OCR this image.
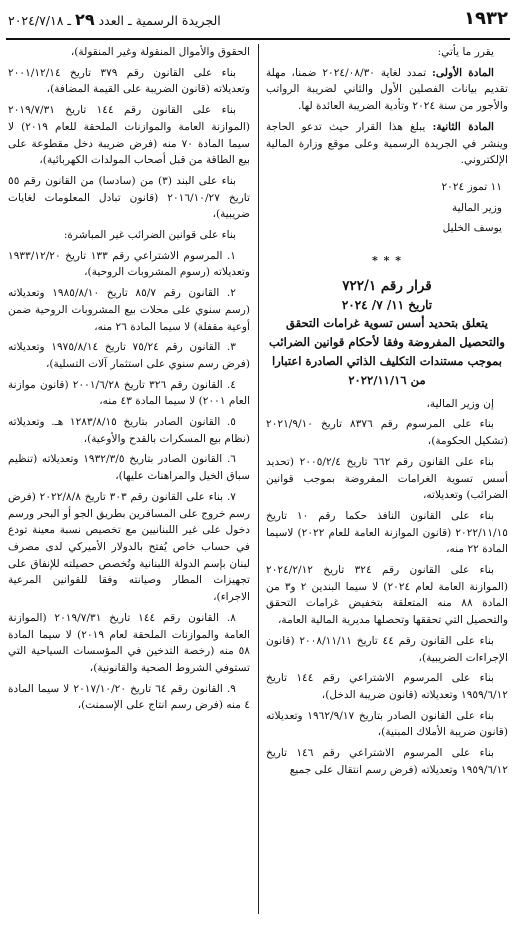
١٩٣٢
الجريدة الرسمية ـ العدد ٢٩ ـ ٢٠٢٤/٧/١٨

يقرر ما يأتي:

المادة الأولى: تمدد لغاية ٢٠٢٤/٠٨/٣٠ ضمنا، مهلة تقديم بيانات الفصلين الأول والثاني لضريبة الرواتب والأجور من سنة ٢٠٢٤ وتأدية الضريبة العائدة لها.

المادة الثانية: يبلغ هذا القرار حيث تدعو الحاجة وينشر في الجريدة الرسمية وعلى موقع وزارة المالية الإلكتروني.

١١ تموز ٢٠٢٤

وزير المالية

يوسف الخليل

* * *
قرار رقم ٧٢٢/١
تاريخ ١١/ ٧/ ٢٠٢٤
يتعلق بتحديد أسس تسوية غرامات التحقق والتحصيل المفروضة وفقا لأحكام قوانين الضرائب بموجب مستندات التكليف الذاتي الصادرة اعتبارا من ٢٠٢٢/١١/١٦

إن وزير المالية،

بناء على المرسوم رقم ٨٣٧٦ تاريخ ٢٠٢١/٩/١٠ (تشكيل الحكومة)،

بناء على القانون رقم ٦٦٢ تاريخ ٢٠٠٥/٢/٤ (تحديد أسس تسوية الغرامات المفروضة بموجب قوانين الضرائب) وتعديلاته،

بناء على القانون النافذ حكما رقم ١٠ تاريخ ٢٠٢٢/١١/١٥ (قانون الموازنة العامة للعام ٢٠٢٢) لاسيما المادة ٢٢ منه،

بناء على القانون رقم ٣٢٤ تاريخ ٢٠٢٤/٢/١٢ (الموازنة العامة لعام ٢٠٢٤) لا سيما البندين ٢ و٣ من المادة ٨٨ منه المتعلقة بتخفيض غرامات التحقق والتحصيل التي تحققها وتحصلها مديرية المالية العامة،

بناء على القانون رقم ٤٤ تاريخ ٢٠٠٨/١١/١١ (قانون الإجراءات الضريبية)،

بناء على المرسوم الاشتراعي رقم ١٤٤ تاريخ ١٩٥٩/٦/١٢ وتعديلاته (قانون ضريبة الدخل)،

بناء على القانون الصادر بتاريخ ١٩٦٢/٩/١٧ وتعديلاته (قانون ضريبة الأملاك المبنية)،

بناء على المرسوم الاشتراعي رقم ١٤٦ تاريخ ١٩٥٩/٦/١٢ وتعديلاته (فرض رسم انتقال على جميع

الحقوق والأموال المنقولة وغير المنقولة)،

بناء على القانون رقم ٣٧٩ تاريخ ٢٠٠١/١٢/١٤ وتعديلاته (قانون الضريبة على القيمة المضافة)،

بناء على القانون رقم ١٤٤ تاريخ ٢٠١٩/٧/٣١ (الموازنة العامة والموازنات الملحقة للعام ٢٠١٩) لا سيما المادة ٧٠ منه (فرض ضريبة دخل مقطوعة على بيع الطاقة من قبل أصحاب المولدات الكهربائية)،

بناء على البند (٣) من (سادسا) من القانون رقم ٥٥ تاريخ ٢٠١٦/١٠/٢٧ (قانون تبادل المعلومات لغايات ضريبية)،

بناء على قوانين الضرائب غير المباشرة:

١. المرسوم الاشتراعي رقم ١٣٣ تاريخ ١٩٣٣/١٢/٢٠ وتعديلاته (رسوم المشروبات الروحية)،

٢. القانون رقم ٨٥/٧ تاريخ ١٩٨٥/٨/١٠ وتعديلاته (رسم سنوي على محلات بيع المشروبات الروحية ضمن أوعية مقفلة) لا سيما المادة ٢٦ منه،

٣. القانون رقم ٧٥/٢٤ تاريخ ١٩٧٥/٨/١٤ وتعديلاته (فرض رسم سنوي على استثمار آلات التسلية)،

٤. القانون رقم ٣٢٦ تاريخ ٢٠٠١/٦/٢٨ (قانون موازنة العام ٢٠٠١) لا سيما المادة ٤٣ منه،

٥. القانون الصادر بتاريخ ١٢٨٣/٨/١٥ هـ. وتعديلاته (نظام بيع المسكرات بالقدح والأوعية)،

٦. القانون الصادر بتاريخ ١٩٣٢/٣/٥ وتعديلاته (تنظيم سباق الخيل والمراهنات عليها)،

٧. بناء على القانون رقم ٣٠٣ تاريخ ٢٠٢٢/٨/٨ (فرض رسم خروج على المسافرين بطريق الجو أو البحر ورسم دخول على غير اللبنانيين مع تخصيص نسبة معينة تودع في حساب خاص يُفتح بالدولار الأميركي لدى مصرف لبنان بإسم الدولة اللبنانية وتُخصص حصيلته للإنفاق على تجهيزات المطار وصيانته وفقا للقوانين المرعية الاجراء)،

٨. القانون رقم ١٤٤ تاريخ ٢٠١٩/٧/٣١ (الموازنة العامة والموازنات الملحقة لعام ٢٠١٩) لا سيما المادة ٥٨ منه (رخصة التدخين في المؤسسات السياحية التي تستوفي الشروط الصحية والقانونية)،

٩. القانون رقم ٦٤ تاريخ ٢٠١٧/١٠/٢٠ لا سيما المادة ٤ منه (فرض رسم انتاج على الإسمنت)،
